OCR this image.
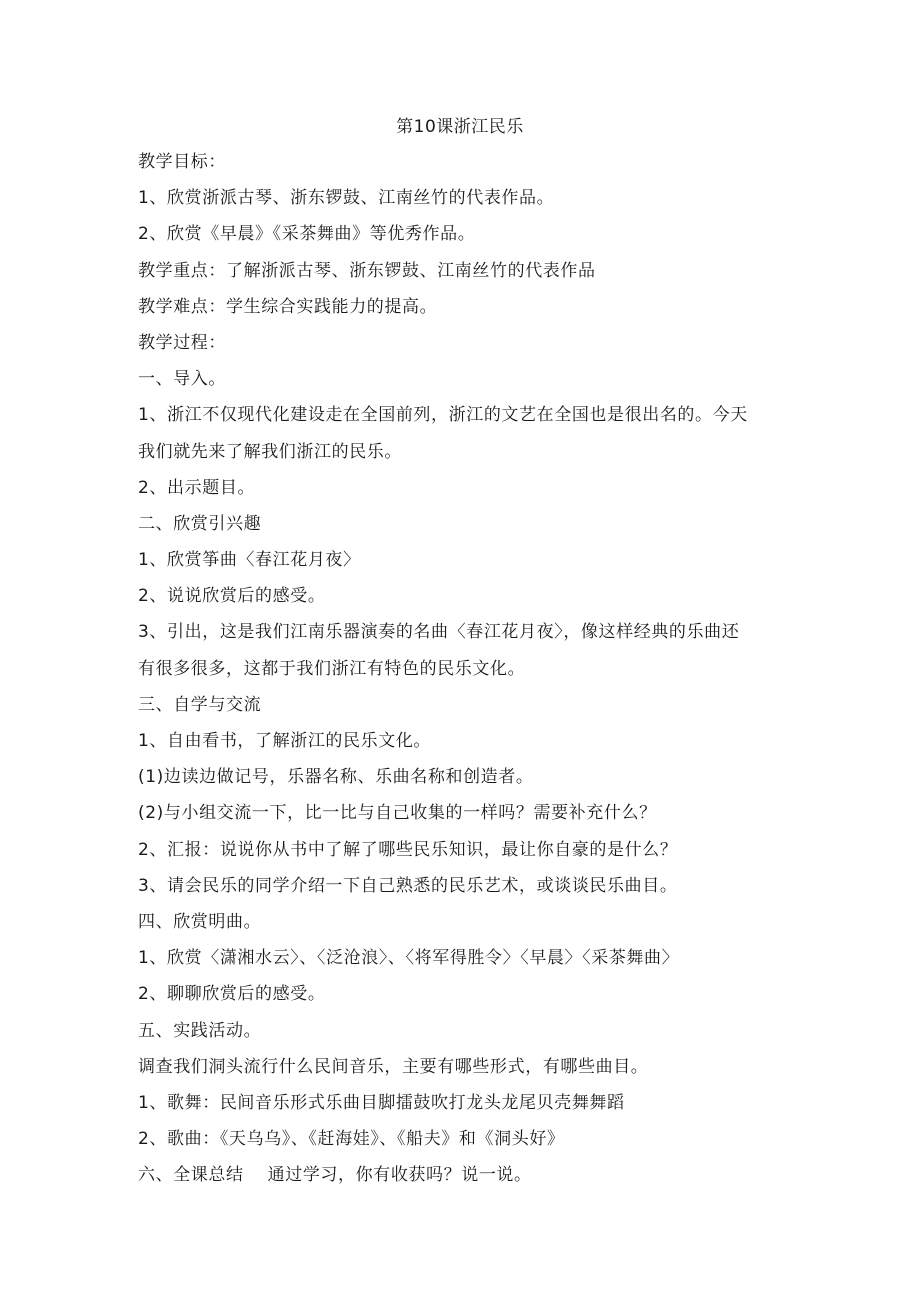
第10课浙江民乐

教学目标：

1、欣赏浙派古琴、浙东锣鼓、江南丝竹的代表作品。

2、欣赏《早晨》《采茶舞曲》等优秀作品。

教学重点：了解浙派古琴、浙东锣鼓、江南丝竹的代表作品

教学难点：学生综合实践能力的提高。

教学过程：

一、导入。

1、浙江不仅现代化建设走在全国前列，浙江的文艺在全国也是很出名的。今天

我们就先来了解我们浙江的民乐。

2、出示题目。

二、欣赏引兴趣

1、欣赏筝曲〈春江花月夜〉

2、说说欣赏后的感受。

3、引出，这是我们江南乐器演奏的名曲〈春江花月夜〉，像这样经典的乐曲还

有很多很多，这都于我们浙江有特色的民乐文化。

三、自学与交流

1、自由看书，了解浙江的民乐文化。

(1)边读边做记号，乐器名称、乐曲名称和创造者。

(2)与小组交流一下，比一比与自己收集的一样吗？需要补充什么？

2、汇报：说说你从书中了解了哪些民乐知识，最让你自豪的是什么？

3、请会民乐的同学介绍一下自己熟悉的民乐艺术，或谈谈民乐曲目。

四、欣赏明曲。

1、欣赏〈潇湘水云〉、〈泛沧浪〉、〈将军得胜令〉〈早晨〉〈采茶舞曲〉

2、聊聊欣赏后的感受。

五、实践活动。

调查我们洞头流行什么民间音乐，主要有哪些形式，有哪些曲目。

1、歌舞：民间音乐形式乐曲目脚擂鼓吹打龙头龙尾贝壳舞舞蹈

2、歌曲：《天乌乌》、《赶海娃》、《船夫》和《洞头好》

六、全课总结    通过学习，你有收获吗？说一说。
